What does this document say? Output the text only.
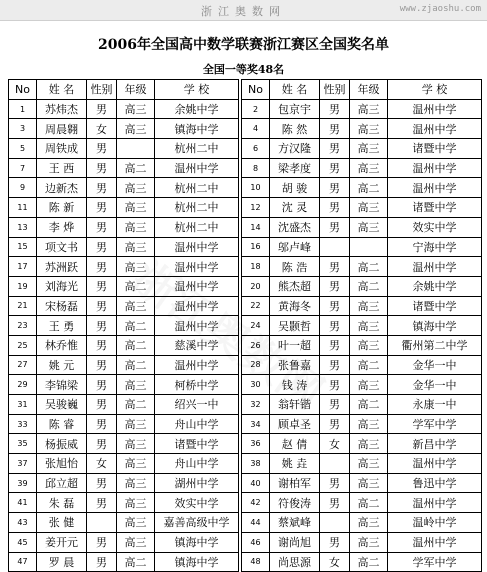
浙江奥数网	www.zjaoshu.com
2006年全国高中数学联赛浙江赛区全国奖名单
全国一等奖48名
No	姓 名	性别	年级	学 校		No	姓 名	性别	年级	学 校
1	苏炜杰	男	高三	余姚中学		2	包京宇	男	高三	温州中学
3	周晨翱	女	高三	镇海中学		4	陈 然	男	高三	温州中学
5	周铁成	男		杭州二中		6	方汉隆	男	高三	诸暨中学
7	王 西	男	高二	温州中学		8	梁孝度	男	高三	温州中学
9	边新杰	男	高三	杭州二中		10	胡 骏	男	高二	温州中学
11	陈 新	男	高三	杭州二中		12	沈 灵	男	高三	诸暨中学
13	李 烨	男	高三	杭州二中		14	沈盛杰	男	高三	效实中学
15	项文书	男	高三	温州中学		16	邬卢峰			宁海中学
17	苏洲跃	男	高三	温州中学		18	陈 浩	男	高二	温州中学
19	刘海光	男	高二	温州中学		20	熊杰超	男	高二	余姚中学
21	宋杨磊	男	高三	温州中学		22	黄海冬	男	高三	诸暨中学
23	王 勇	男	高二	温州中学		24	吴颢哲	男	高三	镇海中学
25	林乔惟	男	高二	慈溪中学		26	叶一超	男	高三	衢州第二中学
27	姚 元	男	高二	温州中学		28	张鲁嘉	男	高二	金华一中
29	李锦梁	男	高三	柯桥中学		30	钱 涛	男	高三	金华一中
31	吴骏巍	男	高二	绍兴一中		32	翁轩锴	男	高二	永康一中
33	陈 睿	男	高三	舟山中学		34	顾卓圣	男	高三	学军中学
35	杨振威	男	高三	诸暨中学		36	赵 倩	女	高三	新昌中学
37	张旭怡	女	高三	舟山中学		38	姚 垚		高三	温州中学
39	邱立超	男	高三	湖州中学		40	谢柏军	男	高三	鲁迅中学
41	朱 磊	男	高三	效实中学		42	符俊涛	男	高二	温州中学
43	张 健		高三	嘉善高级中学		44	蔡斌峰		高三	温岭中学
45	姜开元	男	高三	镇海中学		46	谢尚旭	男	高三	温州中学
47	罗 晨	男	高二	镇海中学		48	尚思源	女	高二	学军中学
